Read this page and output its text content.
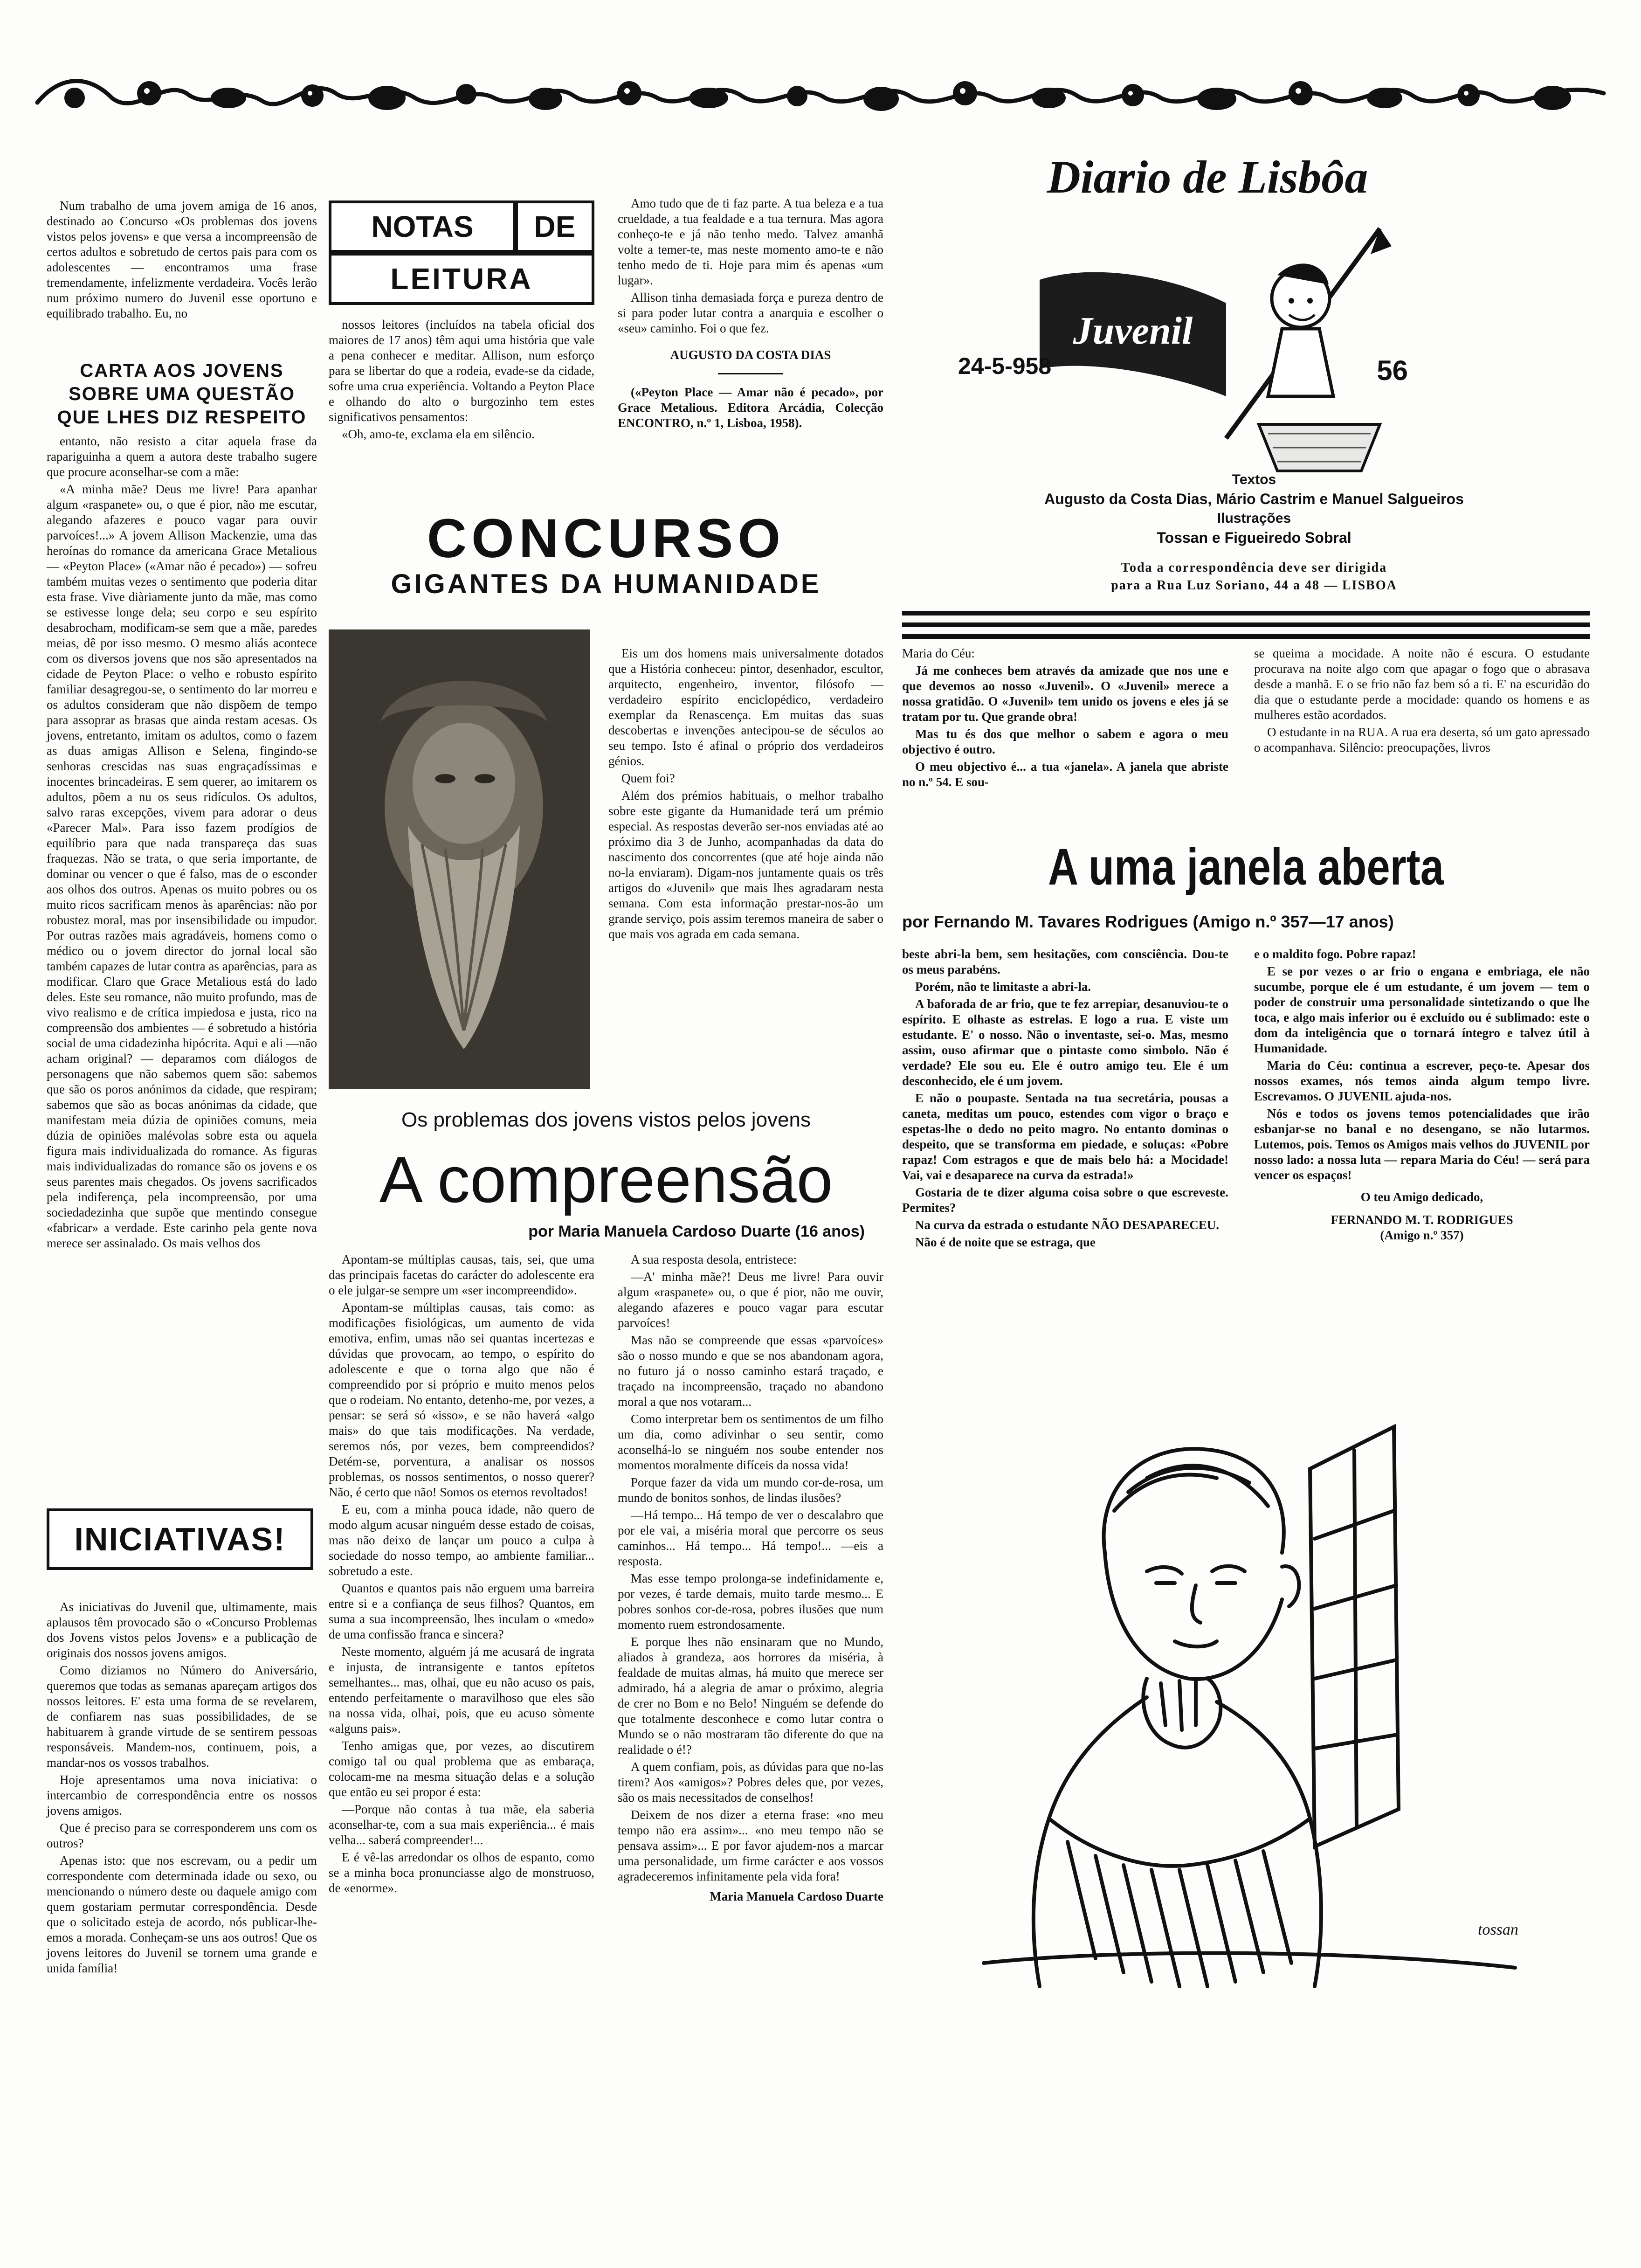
Num trabalho de uma jovem amiga de 16 anos, destinado ao Concurso «Os problemas dos jovens vistos pelos jovens» e que versa a incompreensão de certos adultos e sobretudo de certos pais para com os adolescentes — encontramos uma frase tremendamente, infelizmente verdadeira. Vocês lerão num próximo numero do Juvenil esse oportuno e equilibrado trabalho. Eu, no

CARTA AOS JOVENS SOBRE UMA QUESTÃO QUE LHES DIZ RESPEITO

entanto, não resisto a citar aquela frase da rapariguinha a quem a autora deste trabalho sugere que procure aconselhar-se com a mãe:

«A minha mãe? Deus me livre! Para apanhar algum «raspanete» ou, o que é pior, não me escutar, alegando afazeres e pouco vagar para ouvir parvoíces!...» A jovem Allison Mackenzie, uma das heroínas do romance da americana Grace Metalious — «Peyton Place» («Amar não é pecado») — sofreu também muitas vezes o sentimento que poderia ditar esta frase. Vive diàriamente junto da mãe, mas como se estivesse longe dela; seu corpo e seu espírito desabrocham, modificam-se sem que a mãe, paredes meias, dê por isso mesmo. O mesmo aliás acontece com os diversos jovens que nos são apresentados na cidade de Peyton Place: o velho e robusto espírito familiar desagregou-se, o sentimento do lar morreu e os adultos consideram que não dispõem de tempo para assoprar as brasas que ainda restam acesas. Os jovens, entretanto, imitam os adultos, como o fazem as duas amigas Allison e Selena, fingindo-se senhoras crescidas nas suas engraçadíssimas e inocentes brincadeiras. E sem querer, ao imitarem os adultos, põem a nu os seus ridículos. Os adultos, salvo raras excepções, vivem para adorar o deus «Parecer Mal». Para isso fazem prodígios de equilíbrio para que nada transpareça das suas fraquezas. Não se trata, o que seria importante, de dominar ou vencer o que é falso, mas de o esconder aos olhos dos outros. Apenas os muito pobres ou os muito ricos sacrificam menos às aparências: não por robustez moral, mas por insensibilidade ou impudor. Por outras razões mais agradáveis, homens como o médico ou o jovem director do jornal local são também capazes de lutar contra as aparências, para as modificar. Claro que Grace Metalious está do lado deles. Este seu romance, não muito profundo, mas de vivo realismo e de crítica impiedosa e justa, rico na compreensão dos ambientes — é sobretudo a história social de uma cidadezinha hipócrita. Aqui e ali —não acham original? — deparamos com diálogos de personagens que não sabemos quem são: sabemos que são os poros anónimos da cidade, que respiram; sabemos que são as bocas anónimas da cidade, que manifestam meia dúzia de opiniões comuns, meia dúzia de opiniões malévolas sobre esta ou aquela figura mais individualizada do romance. As figuras mais individualizadas do romance são os jovens e os seus parentes mais chegados. Os jovens sacrificados pela indiferença, pela incompreensão, por uma sociedadezinha que supõe que mentindo consegue «fabricar» a verdade. Este carinho pela gente nova merece ser assinalado. Os mais velhos dos

NOTAS	DE
LEITURA

nossos leitores (incluídos na tabela oficial dos maiores de 17 anos) têm aqui uma história que vale a pena conhecer e meditar. Allison, num esforço para se libertar do que a rodeia, evade-se da cidade, sofre uma crua experiência. Voltando a Peyton Place e olhando do alto o burgozinho tem estes significativos pensamentos:

«Oh, amo-te, exclama ela em silêncio.

Amo tudo que de ti faz parte. A tua beleza e a tua crueldade, a tua fealdade e a tua ternura. Mas agora conheço-te e já não tenho medo. Talvez amanhã volte a temer-te, mas neste momento amo-te e não tenho medo de ti. Hoje para mim és apenas «um lugar».

Allison tinha demasiada força e pureza dentro de si para poder lutar contra a anarquia e escolher o «seu» caminho. Foi o que fez.

AUGUSTO DA COSTA DIAS

(«Peyton Place — Amar não é pecado», por Grace Metalious. Editora Arcádia, Colecção ENCONTRO, n.º 1, Lisboa, 1958).

INICIATIVAS!

As iniciativas do Juvenil que, ultimamente, mais aplausos têm provocado são o «Concurso Problemas dos Jovens vistos pelos Jovens» e a publicação de originais dos nossos jovens amigos.

Como diziamos no Número do Aniversário, queremos que todas as semanas apareçam artigos dos nossos leitores. E' esta uma forma de se revelarem, de confiarem nas suas possibilidades, de se habituarem à grande virtude de se sentirem pessoas responsáveis. Mandem-nos, continuem, pois, a mandar-nos os vossos trabalhos.

Hoje apresentamos uma nova iniciativa: o intercambio de correspondência entre os nossos jovens amigos.

Que é preciso para se corresponderem uns com os outros?

Apenas isto: que nos escrevam, ou a pedir um correspondente com determinada idade ou sexo, ou mencionando o número deste ou daquele amigo com quem gostariam permutar correspondência. Desde que o solicitado esteja de acordo, nós publicar-lhe-emos a morada. Conheçam-se uns aos outros! Que os jovens leitores do Juvenil se tornem uma grande e unida família!

CONCURSO
GIGANTES DA HUMANIDADE

Eis um dos homens mais universalmente dotados que a História conheceu: pintor, desenhador, escultor, arquitecto, engenheiro, inventor, filósofo — verdadeiro espírito enciclopédico, verdadeiro exemplar da Renascença. Em muitas das suas descobertas e invenções antecipou-se de séculos ao seu tempo. Isto é afinal o próprio dos verdadeiros génios.

Quem foi?

Além dos prémios habituais, o melhor trabalho sobre este gigante da Humanidade terá um prémio especial. As respostas deverão ser-nos enviadas até ao próximo dia 3 de Junho, acompanhadas da data do nascimento dos concorrentes (que até hoje ainda não no-la enviaram). Digam-nos juntamente quais os três artigos do «Juvenil» que mais lhes agradaram nesta semana. Com esta informação prestar-nos-ão um grande serviço, pois assim teremos maneira de saber o que mais vos agrada em cada semana.

Os problemas dos jovens vistos pelos jovens
A compreensão
por Maria Manuela Cardoso Duarte (16 anos)

Apontam-se múltiplas causas, tais, sei, que uma das principais facetas do carácter do adolescente era o ele julgar-se sempre um «ser incompreendido».

Apontam-se múltiplas causas, tais como: as modificações fisiológicas, um aumento de vida emotiva, enfim, umas não sei quantas incertezas e dúvidas que provocam, ao tempo, o espírito do adolescente e que o torna algo que não é compreendido por si próprio e muito menos pelos que o rodeiam. No entanto, detenho-me, por vezes, a pensar: se será só «isso», e se não haverá «algo mais» do que tais modificações. Na verdade, seremos nós, por vezes, bem compreendidos? Detém-se, porventura, a analisar os nossos problemas, os nossos sentimentos, o nosso querer? Não, é certo que não! Somos os eternos revoltados!

E eu, com a minha pouca idade, não quero de modo algum acusar ninguém desse estado de coisas, mas não deixo de lançar um pouco a culpa à sociedade do nosso tempo, ao ambiente familiar... sobretudo a este.

Quantos e quantos pais não erguem uma barreira entre si e a confiança de seus filhos? Quantos, em suma a sua incompreensão, lhes inculam o «medo» de uma confissão franca e sincera?

Neste momento, alguém já me acusará de ingrata e injusta, de intransigente e tantos epítetos semelhantes... mas, olhai, que eu não acuso os pais, entendo perfeitamente o maravilhoso que eles são na nossa vida, olhai, pois, que eu acuso sòmente «alguns pais».

Tenho amigas que, por vezes, ao discutirem comigo tal ou qual problema que as embaraça, colocam-me na mesma situação delas e a solução que então eu sei propor é esta:

—Porque não contas à tua mãe, ela saberia aconselhar-te, com a sua mais experiência... é mais velha... saberá compreender!...

E é vê-las arredondar os olhos de espanto, como se a minha boca pronunciasse algo de monstruoso, de «enorme».

A sua resposta desola, entristece:

—A' minha mãe?! Deus me livre! Para ouvir algum «raspanete» ou, o que é pior, não me ouvir, alegando afazeres e pouco vagar para escutar parvoíces!

Mas não se compreende que essas «parvoíces» são o nosso mundo e que se nos abandonam agora, no futuro já o nosso caminho estará traçado, e traçado na incompreensão, traçado no abandono moral a que nos votaram...

Como interpretar bem os sentimentos de um filho um dia, como adivinhar o seu sentir, como aconselhá-lo se ninguém nos soube entender nos momentos moralmente difíceis da nossa vida!

Porque fazer da vida um mundo cor-de-rosa, um mundo de bonitos sonhos, de lindas ilusões?

—Há tempo... Há tempo de ver o descalabro que por ele vai, a miséria moral que percorre os seus caminhos... Há tempo... Há tempo!... —eis a resposta.

Mas esse tempo prolonga-se indefinidamente e, por vezes, é tarde demais, muito tarde mesmo... E pobres sonhos cor-de-rosa, pobres ilusões que num momento ruem estrondosamente.

E porque lhes não ensinaram que no Mundo, aliados à grandeza, aos horrores da miséria, à fealdade de muitas almas, há muito que merece ser admirado, há a alegria de amar o próximo, alegria de crer no Bom e no Belo! Ninguém se defende do que totalmente desconhece e como lutar contra o Mundo se o não mostraram tão diferente do que na realidade o é!?

A quem confiam, pois, as dúvidas para que no-las tirem? Aos «amigos»? Pobres deles que, por vezes, são os mais necessitados de conselhos!

Deixem de nos dizer a eterna frase: «no meu tempo não era assim»... «no meu tempo não se pensava assim»... E por favor ajudem-nos a marcar uma personalidade, um firme carácter e aos vossos agradeceremos infinitamente pela vida fora!

Maria Manuela Cardoso Duarte
Diario de Lisbôa
Juvenil
24-5-958	56
Textos
Augusto da Costa Dias, Mário Castrim e Manuel Salgueiros
Ilustrações
Tossan e Figueiredo Sobral
Toda a correspondência deve ser dirigida
para a Rua Luz Soriano, 44 a 48 — LISBOA

Maria do Céu:

Já me conheces bem através da amizade que nos une e que devemos ao nosso «Juvenil». O «Juvenil» merece a nossa gratidão. O «Juvenil» tem unido os jovens e eles já se tratam por tu. Que grande obra!

Mas tu és dos que melhor o sabem e agora o meu objectivo é outro.

O meu objectivo é... a tua «janela». A janela que abriste no n.º 54. E sou-

se queima a mocidade. A noite não é escura. O estudante procurava na noite algo com que apagar o fogo que o abrasava desde a manhã. E o se frio não faz bem só a ti. E' na escuridão do dia que o estudante perde a mocidade: quando os homens e as mulheres estão acordados.

O estudante in na RUA. A rua era deserta, só um gato apressado o acompanhava. Silêncio: preocupações, livros

A uma janela aberta
por Fernando M. Tavares Rodrigues (Amigo n.º 357—17 anos)

beste abri-la bem, sem hesitações, com consciência. Dou-te os meus parabéns.

Porém, não te limitaste a abri-la.

A baforada de ar frio, que te fez arrepiar, desanuviou-te o espírito. E olhaste as estrelas. E logo a rua. E viste um estudante. E' o nosso. Não o inventaste, sei-o. Mas, mesmo assim, ouso afirmar que o pintaste como simbolo. Não é verdade? Ele sou eu. Ele é outro amigo teu. Ele é um desconhecido, ele é um jovem.

E não o poupaste. Sentada na tua secretária, pousas a caneta, meditas um pouco, estendes com vigor o braço e espetas-lhe o dedo no peito magro. No entanto dominas o despeito, que se transforma em piedade, e soluças: «Pobre rapaz! Com estragos e que de mais belo há: a Mocidade! Vai, vai e desaparece na curva da estrada!»

Gostaria de te dizer alguma coisa sobre o que escreveste. Permites?

Na curva da estrada o estudante NÃO DESAPARECEU.

Não é de noite que se estraga, que

e o maldito fogo. Pobre rapaz!

E se por vezes o ar frio o engana e embriaga, ele não sucumbe, porque ele é um estudante, é um jovem — tem o poder de construir uma personalidade sintetizando o que lhe toca, e algo mais inferior ou é excluído ou é sublimado: este o dom da inteligência que o tornará íntegro e talvez útil à Humanidade.

Maria do Céu: continua a escrever, peço-te. Apesar dos nossos exames, nós temos ainda algum tempo livre. Escrevamos. O JUVENIL ajuda-nos.

Nós e todos os jovens temos potencialidades que irão esbanjar-se no banal e no desengano, se não lutarmos. Lutemos, pois. Temos os Amigos mais velhos do JUVENIL por nosso lado: a nossa luta — repara Maria do Céu! — será para vencer os espaços!

O teu Amigo dedicado,

FERNANDO M. T. RODRIGUES
(Amigo n.º 357)
tossan
